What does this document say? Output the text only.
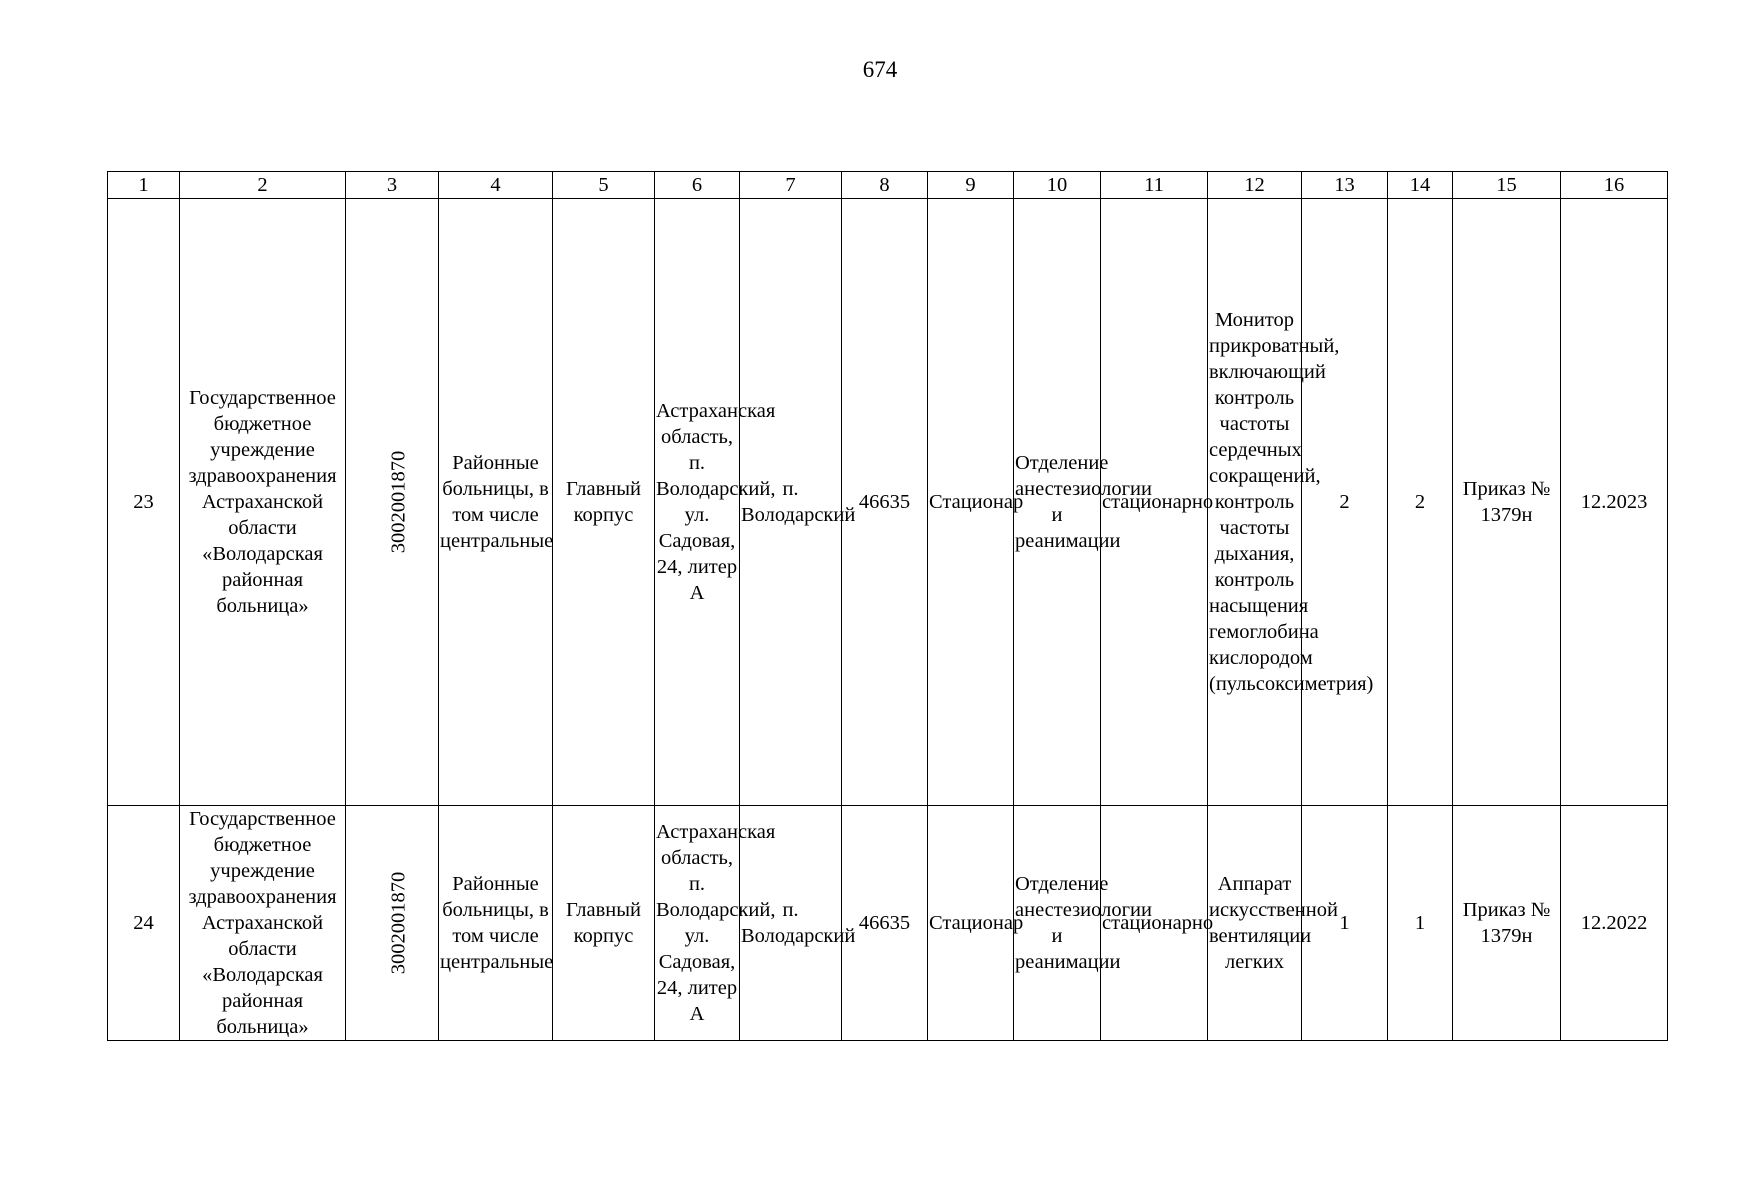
674
1	2	3	4	5	6	7	8	9	10	11	12	13	14	15	16
23	Государственное бюджетное учреждение здравоохранения Астраханской области «Володарская районная больница»	3002001870	Районные больницы, в том числе центральные	Главный корпус	Астраханская область, п. Володарский, ул. Садовая, 24, литер А	п. Володарский	46635	Стационар	Отделение анестезиологии и реанимации	стационарно	Монитор прикроватный, включающий контроль частоты сердечных сокращений, контроль частоты дыхания, контроль насыщения гемоглобина кислородом (пульсоксиметрия)	2	2	Приказ № 1379н	12.2023
24	Государственное бюджетное учреждение здравоохранения Астраханской области «Володарская районная больница»	3002001870	Районные больницы, в том числе центральные	Главный корпус	Астраханская область, п. Володарский, ул. Садовая, 24, литер А	п. Володарский	46635	Стационар	Отделение анестезиологии и реанимации	стационарно	Аппарат искусственной вентиляции легких	1	1	Приказ № 1379н	12.2022
